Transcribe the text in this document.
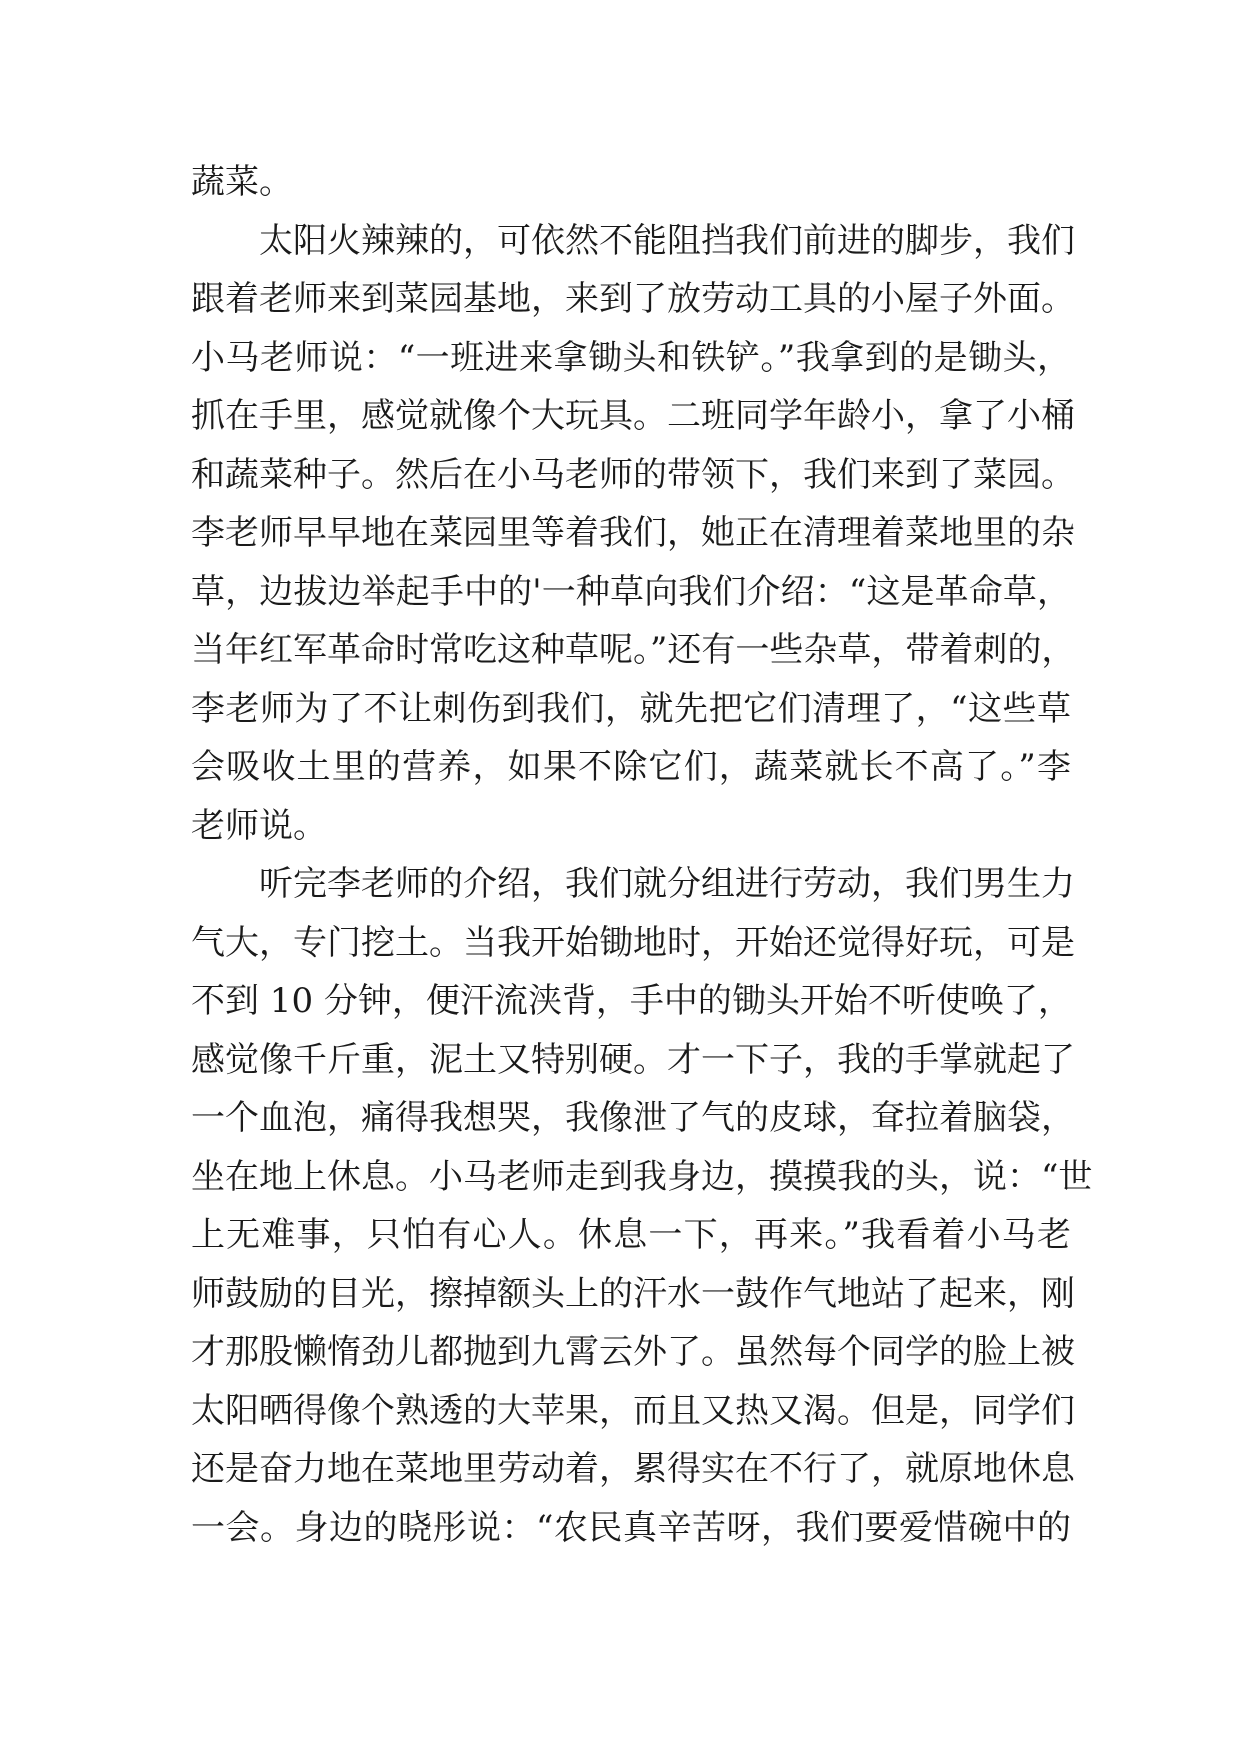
蔬菜。
太阳火辣辣的，可依然不能阻挡我们前进的脚步，我们
跟着老师来到菜园基地，来到了放劳动工具的小屋子外面。
小马老师说：“一班进来拿锄头和铁铲。”我拿到的是锄头，
抓在手里，感觉就像个大玩具。二班同学年龄小，拿了小桶
和蔬菜种子。然后在小马老师的带领下，我们来到了菜园。
李老师早早地在菜园里等着我们，她正在清理着菜地里的杂
草，边拔边举起手中的'一种草向我们介绍：“这是革命草，
当年红军革命时常吃这种草呢。”还有一些杂草，带着刺的，
李老师为了不让刺伤到我们，就先把它们清理了，“这些草
会吸收土里的营养，如果不除它们，蔬菜就长不高了。”李
老师说。
听完李老师的介绍，我们就分组进行劳动，我们男生力
气大，专门挖土。当我开始锄地时，开始还觉得好玩，可是
不到 10 分钟，便汗流浃背，手中的锄头开始不听使唤了，
感觉像千斤重，泥土又特别硬。才一下子，我的手掌就起了
一个血泡，痛得我想哭，我像泄了气的皮球，耷拉着脑袋，
坐在地上休息。小马老师走到我身边，摸摸我的头，说：“世
上无难事，只怕有心人。休息一下，再来。”我看着小马老
师鼓励的目光，擦掉额头上的汗水一鼓作气地站了起来，刚
才那股懒惰劲儿都抛到九霄云外了。虽然每个同学的脸上被
太阳晒得像个熟透的大苹果，而且又热又渴。但是，同学们
还是奋力地在菜地里劳动着，累得实在不行了，就原地休息
一会。身边的晓彤说：“农民真辛苦呀，我们要爱惜碗中的
